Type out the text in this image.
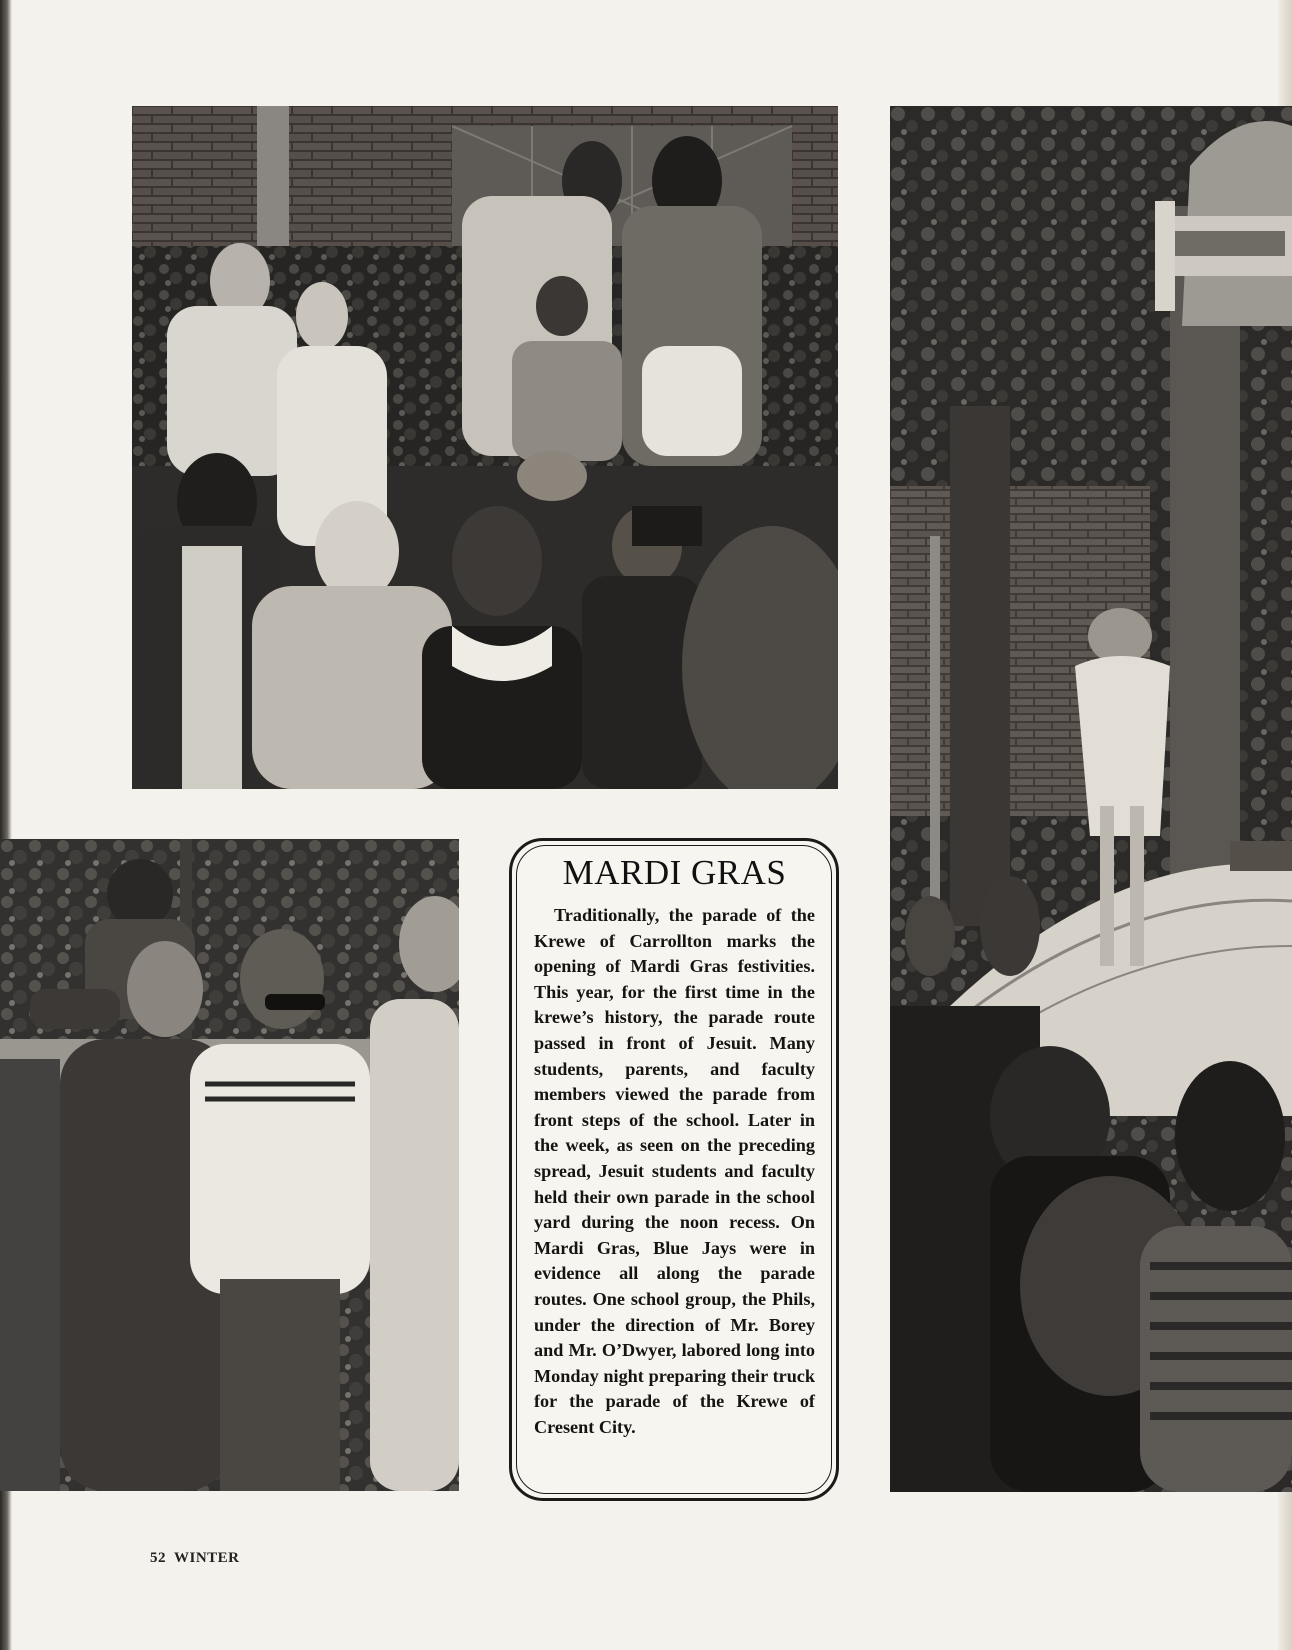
MARDI GRAS

Traditionally, the parade of the Krewe of Carrollton marks the opening of Mardi Gras festivities. This year, for the first time in the krewe’s history, the parade route passed in front of Jesuit. Many students, parents, and faculty members viewed the parade from front steps of the school. Later in the week, as seen on the preceding spread, Jesuit students and faculty held their own parade in the school yard during the noon recess. On Mardi Gras, Blue Jays were in evidence all along the parade routes. One school group, the Phils, under the direction of Mr. Borey and Mr. O’Dwyer, labored long into Monday night preparing their truck for the parade of the Krewe of Cresent City.

52 WINTER
